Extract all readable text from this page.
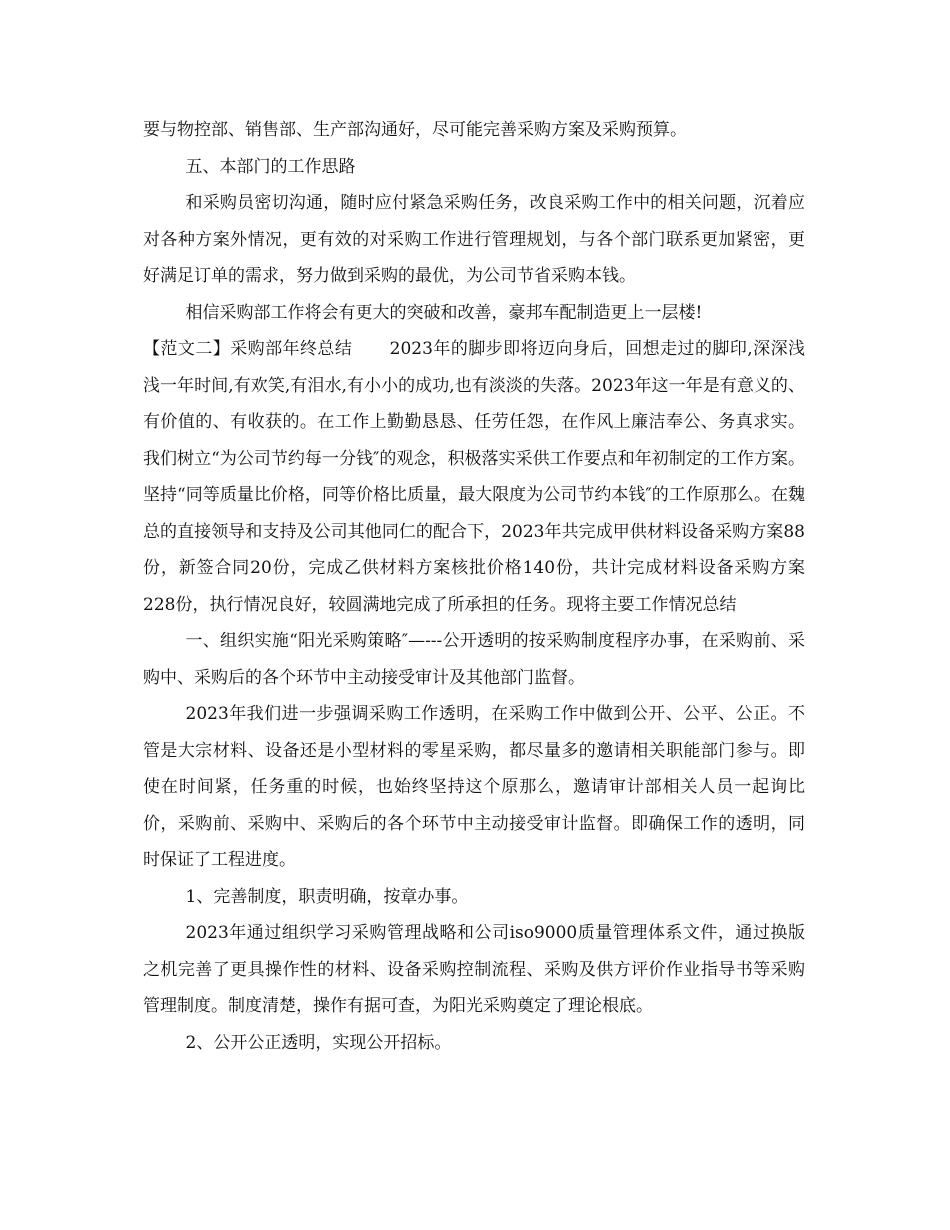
要与物控部、销售部、生产部沟通好，尽可能完善采购方案及采购预算。

五、本部门的工作思路

和采购员密切沟通，随时应付紧急采购任务，改良采购工作中的相关问题，沉着应对各种方案外情况，更有效的对采购工作进行管理规划，与各个部门联系更加紧密，更好满足订单的需求，努力做到采购的最优，为公司节省采购本钱。

相信采购部工作将会有更大的突破和改善，豪邦车配制造更上一层楼!

【范文二】采购部年终总结 2023年的脚步即将迈向身后，回想走过的脚印,深深浅浅一年时间,有欢笑,有泪水,有小小的成功,也有淡淡的失落。2023年这一年是有意义的、有价值的、有收获的。在工作上勤勤恳恳、任劳任怨，在作风上廉洁奉公、务真求实。我们树立“为公司节约每一分钱″的观念，积极落实采供工作要点和年初制定的工作方案。坚持“同等质量比价格，同等价格比质量，最大限度为公司节约本钱″的工作原那么。在魏总的直接领导和支持及公司其他同仁的配合下，2023年共完成甲供材料设备采购方案88份，新签合同20份，完成乙供材料方案核批价格140份，共计完成材料设备采购方案228份，执行情况良好，较圆满地完成了所承担的任务。现将主要工作情况总结

一、组织实施“阳光采购策略″—---公开透明的按采购制度程序办事，在采购前、采购中、采购后的各个环节中主动接受审计及其他部门监督。

2023年我们进一步强调采购工作透明，在采购工作中做到公开、公平、公正。不管是大宗材料、设备还是小型材料的零星采购，都尽量多的邀请相关职能部门参与。即使在时间紧，任务重的时候，也始终坚持这个原那么，邀请审计部相关人员一起询比价，采购前、采购中、采购后的各个环节中主动接受审计监督。即确保工作的透明，同时保证了工程进度。

1、完善制度，职责明确，按章办事。

2023年通过组织学习采购管理战略和公司iso9000质量管理体系文件，通过换版之机完善了更具操作性的材料、设备采购控制流程、采购及供方评价作业指导书等采购管理制度。制度清楚，操作有据可查，为阳光采购奠定了理论根底。

2、公开公正透明，实现公开招标。
